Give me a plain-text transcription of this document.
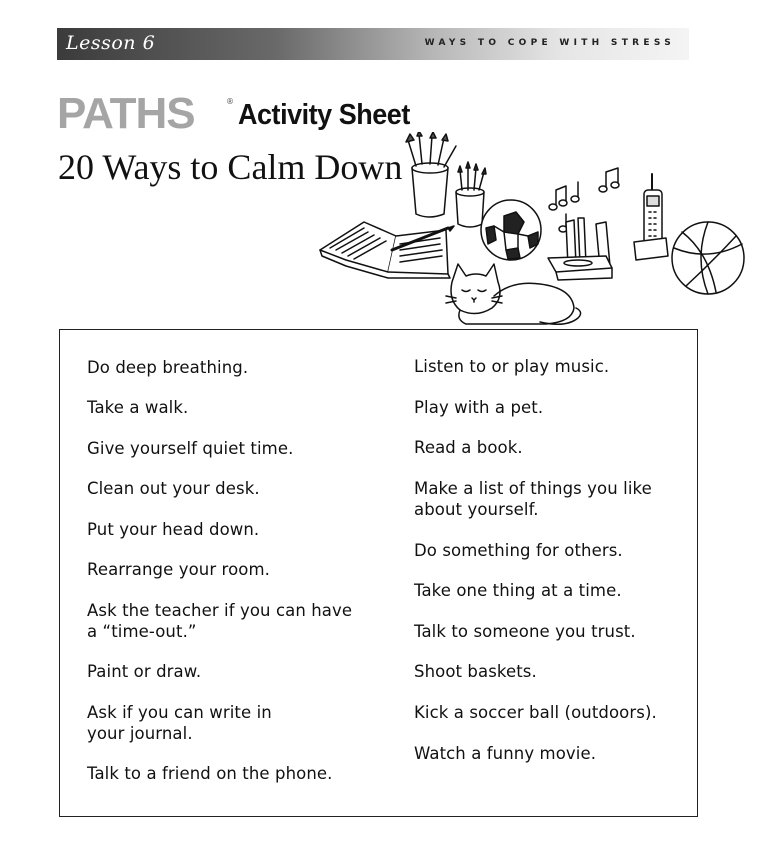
Lesson 6	WAYS TO COPE WITH STRESS
PATHS	® Activity Sheet
20 Ways to Calm Down
Do deep breathing.
Take a walk.
Give yourself quiet time.
Clean out your desk.
Put your head down.
Rearrange your room.
Ask the teacher if you can have
a “time-out.”
Paint or draw.
Ask if you can write in
your journal.
Talk to a friend on the phone.
Listen to or play music.
Play with a pet.
Read a book.
Make a list of things you like
about yourself.
Do something for others.
Take one thing at a time.
Talk to someone you trust.
Shoot baskets.
Kick a soccer ball (outdoors).
Watch a funny movie.
